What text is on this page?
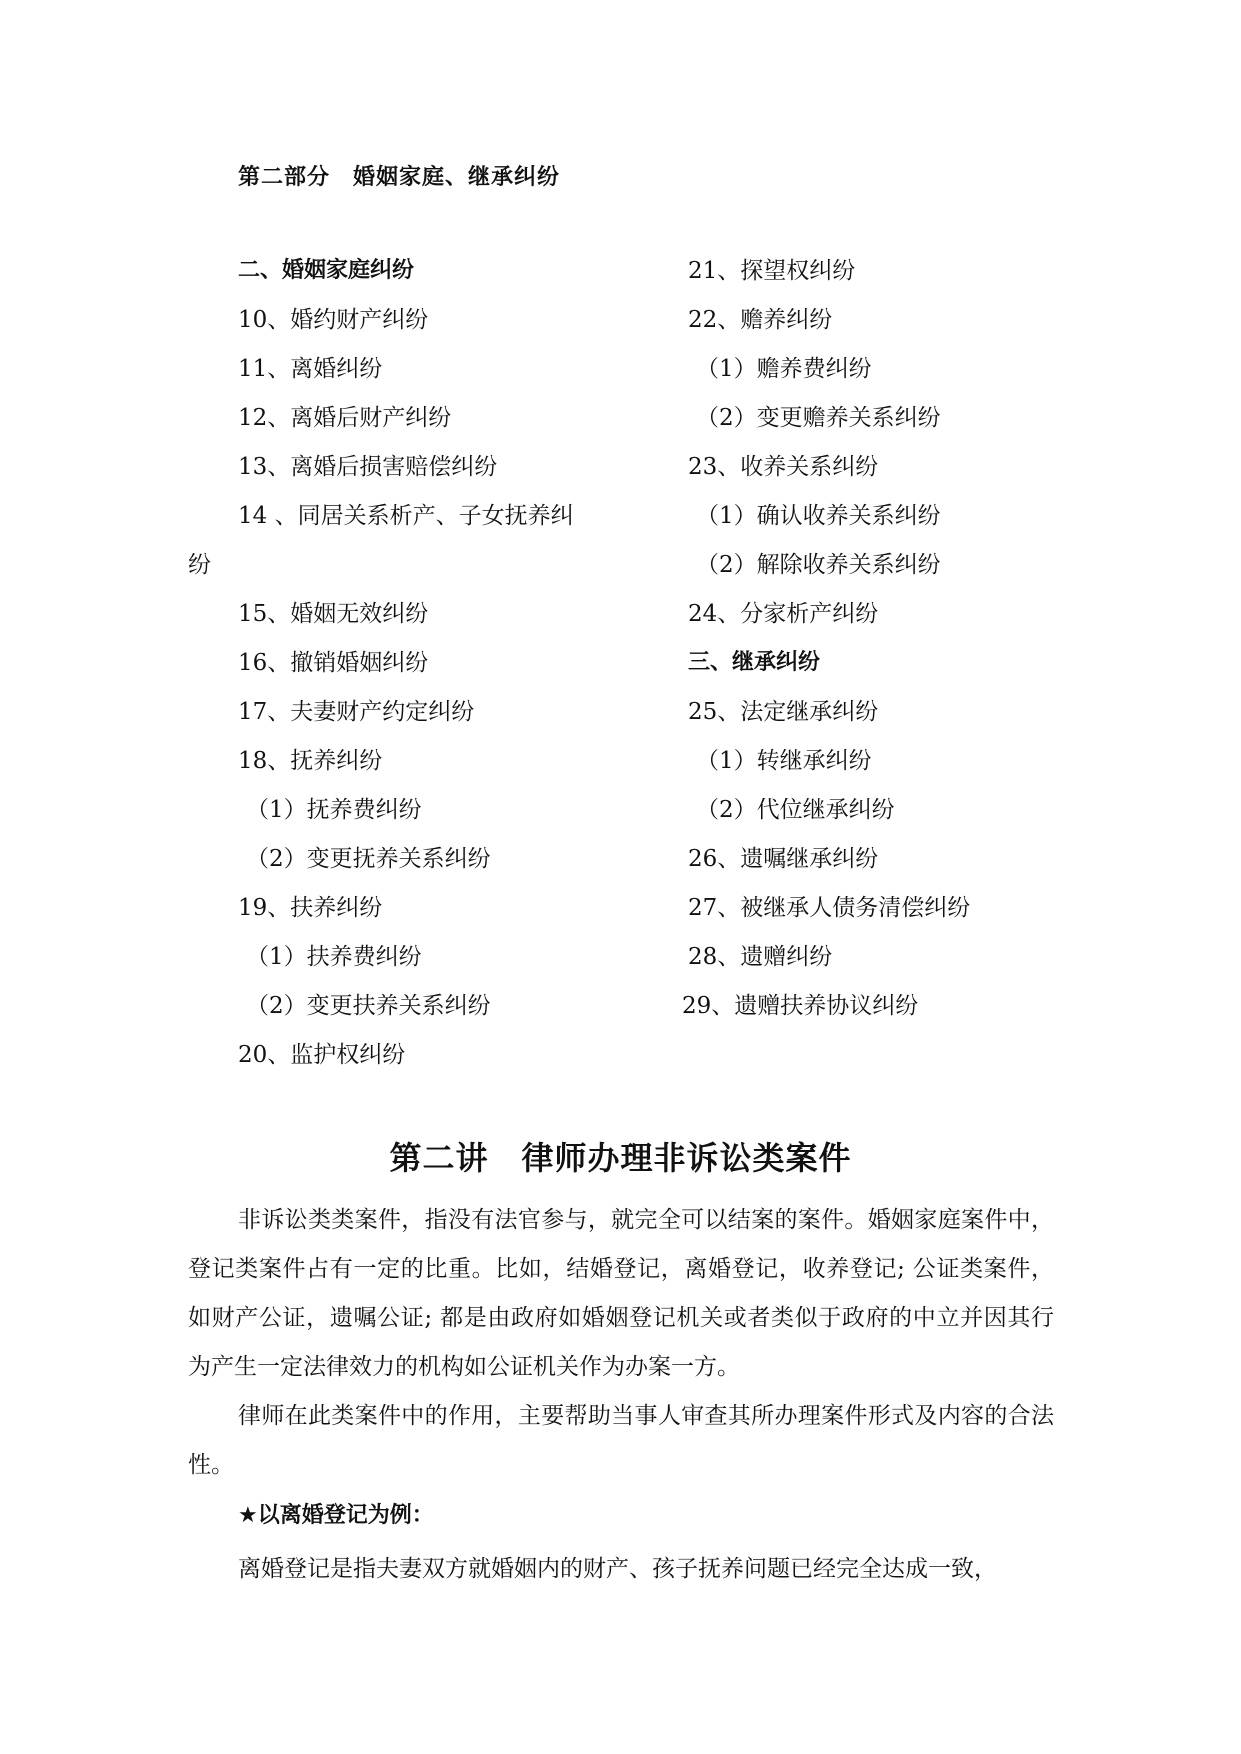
第二部分　婚姻家庭、继承纠纷
二、婚姻家庭纠纷
10、婚约财产纠纷
11、离婚纠纷
12、离婚后财产纠纷
13、离婚后损害赔偿纠纷
14 、同居关系析产、子女抚养纠
纷
15、婚姻无效纠纷
16、撤销婚姻纠纷
17、夫妻财产约定纠纷
18、抚养纠纷
（1）抚养费纠纷
（2）变更抚养关系纠纷
19、扶养纠纷
（1）扶养费纠纷
（2）变更扶养关系纠纷
20、监护权纠纷
21、探望权纠纷
22、赡养纠纷
（1）赡养费纠纷
（2）变更赡养关系纠纷
23、收养关系纠纷
（1）确认收养关系纠纷
（2）解除收养关系纠纷
24、分家析产纠纷
三、继承纠纷
25、法定继承纠纷
（1）转继承纠纷
（2）代位继承纠纷
26、遗嘱继承纠纷
27、被继承人债务清偿纠纷
28、遗赠纠纷
29、遗赠扶养协议纠纷
第二讲　律师办理非诉讼类案件
非诉讼类类案件，指没有法官参与，就完全可以结案的案件。婚姻家庭案件中，登记类案件占有一定的比重。比如，结婚登记，离婚登记，收养登记; 公证类案件，如财产公证，遗嘱公证; 都是由政府如婚姻登记机关或者类似于政府的中立并因其行为产生一定法律效力的机构如公证机关作为办案一方。
律师在此类案件中的作用，主要帮助当事人审查其所办理案件形式及内容的合法性。
★以离婚登记为例：
离婚登记是指夫妻双方就婚姻内的财产、孩子抚养问题已经完全达成一致，
